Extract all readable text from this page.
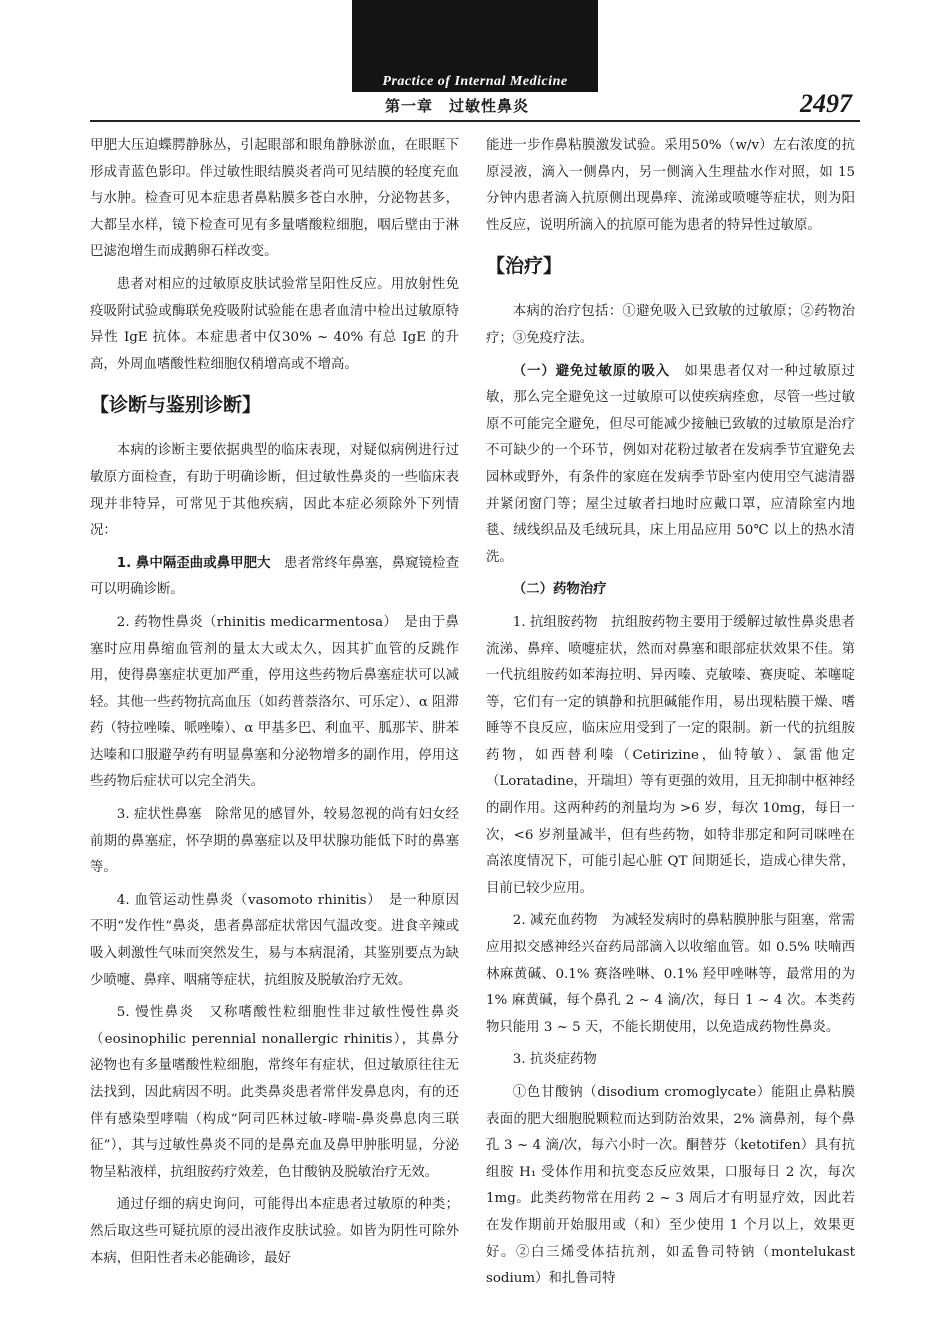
Practice of Internal Medicine
第一章　过敏性鼻炎	2497

甲肥大压迫蝶腭静脉丛，引起眼部和眼角静脉淤血，在眼眶下形成青蓝色影印。伴过敏性眼结膜炎者尚可见结膜的轻度充血与水肿。检查可见本症患者鼻粘膜多苍白水肿，分泌物甚多，大都呈水样，镜下检查可见有多量嗜酸粒细胞，咽后壁由于淋巴滤泡增生而成鹅卵石样改变。

患者对相应的过敏原皮肤试验常呈阳性反应。用放射性免疫吸附试验或酶联免疫吸附试验能在患者血清中检出过敏原特异性 IgE 抗体。本症患者中仅30% ~ 40% 有总 IgE 的升高，外周血嗜酸性粒细胞仅稍增高或不增高。

【诊断与鉴别诊断】

本病的诊断主要依据典型的临床表现，对疑似病例进行过敏原方面检查，有助于明确诊断，但过敏性鼻炎的一些临床表现并非特异，可常见于其他疾病，因此本症必须除外下列情况：

1. 鼻中隔歪曲或鼻甲肥大　患者常终年鼻塞，鼻窥镜检查可以明确诊断。

2. 药物性鼻炎（rhinitis medicarmentosa）　是由于鼻塞时应用鼻缩血管剂的量太大或太久，因其扩血管的反跳作用，使得鼻塞症状更加严重，停用这些药物后鼻塞症状可以减轻。其他一些药物抗高血压（如药普萘洛尔、可乐定）、α 阻滞药（特拉唑嗪、哌唑嗪）、α 甲基多巴、利血平、胍那苄、肼苯达嗪和口服避孕药有明显鼻塞和分泌物增多的副作用，停用这些药物后症状可以完全消失。

3. 症状性鼻塞　除常见的感冒外，较易忽视的尚有妇女经前期的鼻塞症，怀孕期的鼻塞症以及甲状腺功能低下时的鼻塞等。

4. 血管运动性鼻炎（vasomoto rhinitis）　是一种原因不明“发作性”鼻炎，患者鼻部症状常因气温改变。进食辛辣或吸入刺激性气味而突然发生，易与本病混淆，其鉴别要点为缺少喷嚏、鼻痒、咽痛等症状，抗组胺及脱敏治疗无效。

5. 慢性鼻炎　又称嗜酸性粒细胞性非过敏性慢性鼻炎（eosinophilic perennial nonallergic rhinitis），其鼻分泌物也有多量嗜酸性粒细胞，常终年有症状，但过敏原往往无法找到，因此病因不明。此类鼻炎患者常伴发鼻息肉，有的还伴有感染型哮喘（构成“阿司匹林过敏-哮喘-鼻炎鼻息肉三联征”），其与过敏性鼻炎不同的是鼻充血及鼻甲肿胀明显，分泌物呈粘液样，抗组胺药疗效差，色甘酸钠及脱敏治疗无效。

通过仔细的病史询问，可能得出本症患者过敏原的种类；然后取这些可疑抗原的浸出液作皮肤试验。如皆为阴性可除外本病，但阳性者未必能确诊，最好

能进一步作鼻粘膜激发试验。采用50%（w/v）左右浓度的抗原浸液，滴入一侧鼻内，另一侧滴入生理盐水作对照，如 15 分钟内患者滴入抗原侧出现鼻痒、流涕或喷嚏等症状，则为阳性反应，说明所滴入的抗原可能为患者的特异性过敏原。

【治疗】

本病的治疗包括：①避免吸入已致敏的过敏原；②药物治疗；③免疫疗法。

（一）避免过敏原的吸入　如果患者仅对一种过敏原过敏，那么完全避免这一过敏原可以使疾病痊愈，尽管一些过敏原不可能完全避免，但尽可能减少接触已致敏的过敏原是治疗不可缺少的一个环节，例如对花粉过敏者在发病季节宜避免去园林或野外，有条件的家庭在发病季节卧室内使用空气滤清器并紧闭窗门等；屋尘过敏者扫地时应戴口罩，应清除室内地毯、绒线织品及毛绒玩具，床上用品应用 50℃ 以上的热水清洗。

（二）药物治疗

1. 抗组胺药物　抗组胺药物主要用于缓解过敏性鼻炎患者流涕、鼻痒、喷嚏症状，然而对鼻塞和眼部症状效果不佳。第一代抗组胺药如苯海拉明、异丙嗪、克敏嗪、赛庚啶、苯噻啶等，它们有一定的镇静和抗胆碱能作用，易出现粘膜干燥、嗜睡等不良反应，临床应用受到了一定的限制。新一代的抗组胺药物，如西替利嗪（Cetirizine，仙特敏）、氯雷他定（Loratadine，开瑞坦）等有更强的效用，且无抑制中枢神经的副作用。这两种药的剂量均为 >6 岁，每次 10mg，每日一次，<6 岁剂量减半，但有些药物，如特非那定和阿司咪唑在高浓度情况下，可能引起心脏 QT 间期延长，造成心律失常，目前已较少应用。

2. 减充血药物　为减轻发病时的鼻粘膜肿胀与阻塞，常需应用拟交感神经兴奋药局部滴入以收缩血管。如 0.5% 呋喃西林麻黄碱、0.1% 赛洛唑啉、0.1% 羟甲唑啉等，最常用的为 1% 麻黄碱，每个鼻孔 2 ~ 4 滴/次，每日 1 ~ 4 次。本类药物只能用 3 ~ 5 天，不能长期使用，以免造成药物性鼻炎。

3. 抗炎症药物

①色甘酸钠（disodium cromoglycate）能阻止鼻粘膜表面的肥大细胞脱颗粒而达到防治效果，2% 滴鼻剂，每个鼻孔 3 ~ 4 滴/次，每六小时一次。酮替芬（ketotifen）具有抗组胺 H₁ 受体作用和抗变态反应效果，口服每日 2 次，每次 1mg。此类药物常在用药 2 ~ 3 周后才有明显疗效，因此若在发作期前开始服用或（和）至少使用 1 个月以上，效果更好。②白三烯受体拮抗剂，如孟鲁司特钠（montelukast sodium）和扎鲁司特
